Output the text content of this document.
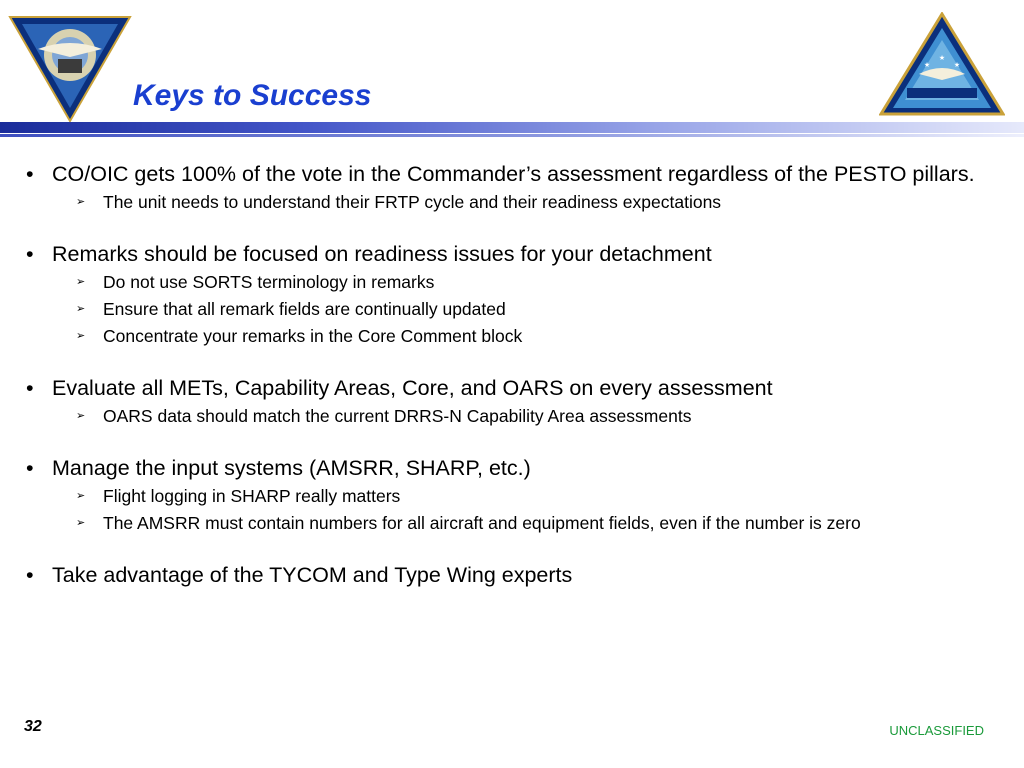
★
★
★
Keys to Success
• CO/OIC gets 100% of the vote in the Commander’s assessment regardless of the PESTO pillars.
➢	The unit needs to understand their FRTP cycle and their readiness expectations
• Remarks should be focused on readiness issues for your detachment
➢	Do not use SORTS terminology in remarks
➢	Ensure that all remark fields are continually updated
➢	Concentrate your remarks in the Core Comment block
• Evaluate all METs, Capability Areas, Core, and OARS on every assessment
➢	OARS data should match the current DRRS-N Capability Area assessments
• Manage the input systems (AMSRR, SHARP, etc.)
➢	Flight logging in SHARP really matters
➢	The AMSRR must contain numbers for all aircraft and equipment fields, even if the number is zero
• Take advantage of the TYCOM and Type Wing experts
32	UNCLASSIFIED
